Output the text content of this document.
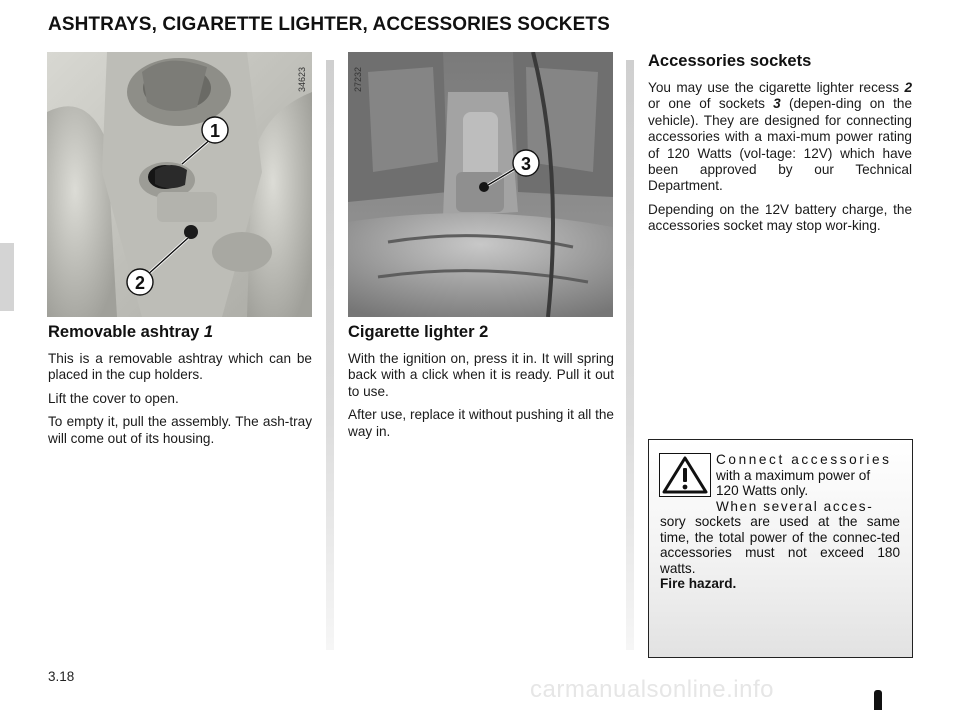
ASHTRAYS, CIGARETTE LIGHTER, ACCESSORIES SOCKETS
1
2
34623
3
27232
Removable ashtray 1

This is a removable ashtray which can be placed in the cup holders.

Lift the cover to open.

To empty it, pull the assembly. The ash-tray will come out of its housing.

Cigarette lighter 2

With the ignition on, press it in. It will spring back with a click when it is ready. Pull it out to use.

After use, replace it without pushing it all the way in.

Accessories sockets

You may use the cigarette lighter recess 2 or one of sockets 3 (depen-ding on the vehicle). They are designed for connecting accessories with a maxi-mum power rating of 120 Watts (vol-tage: 12V) which have been approved by our Technical Department.

Depending on the 12V battery charge, the accessories socket may stop wor-king.

Connect accessories
with a maximum power of
120 Watts only.
When several acces-
sory sockets are used at the same time, the total power of the connec-ted accessories must not exceed 180 watts.
Fire hazard.
3.18	carmanualsonline.info
